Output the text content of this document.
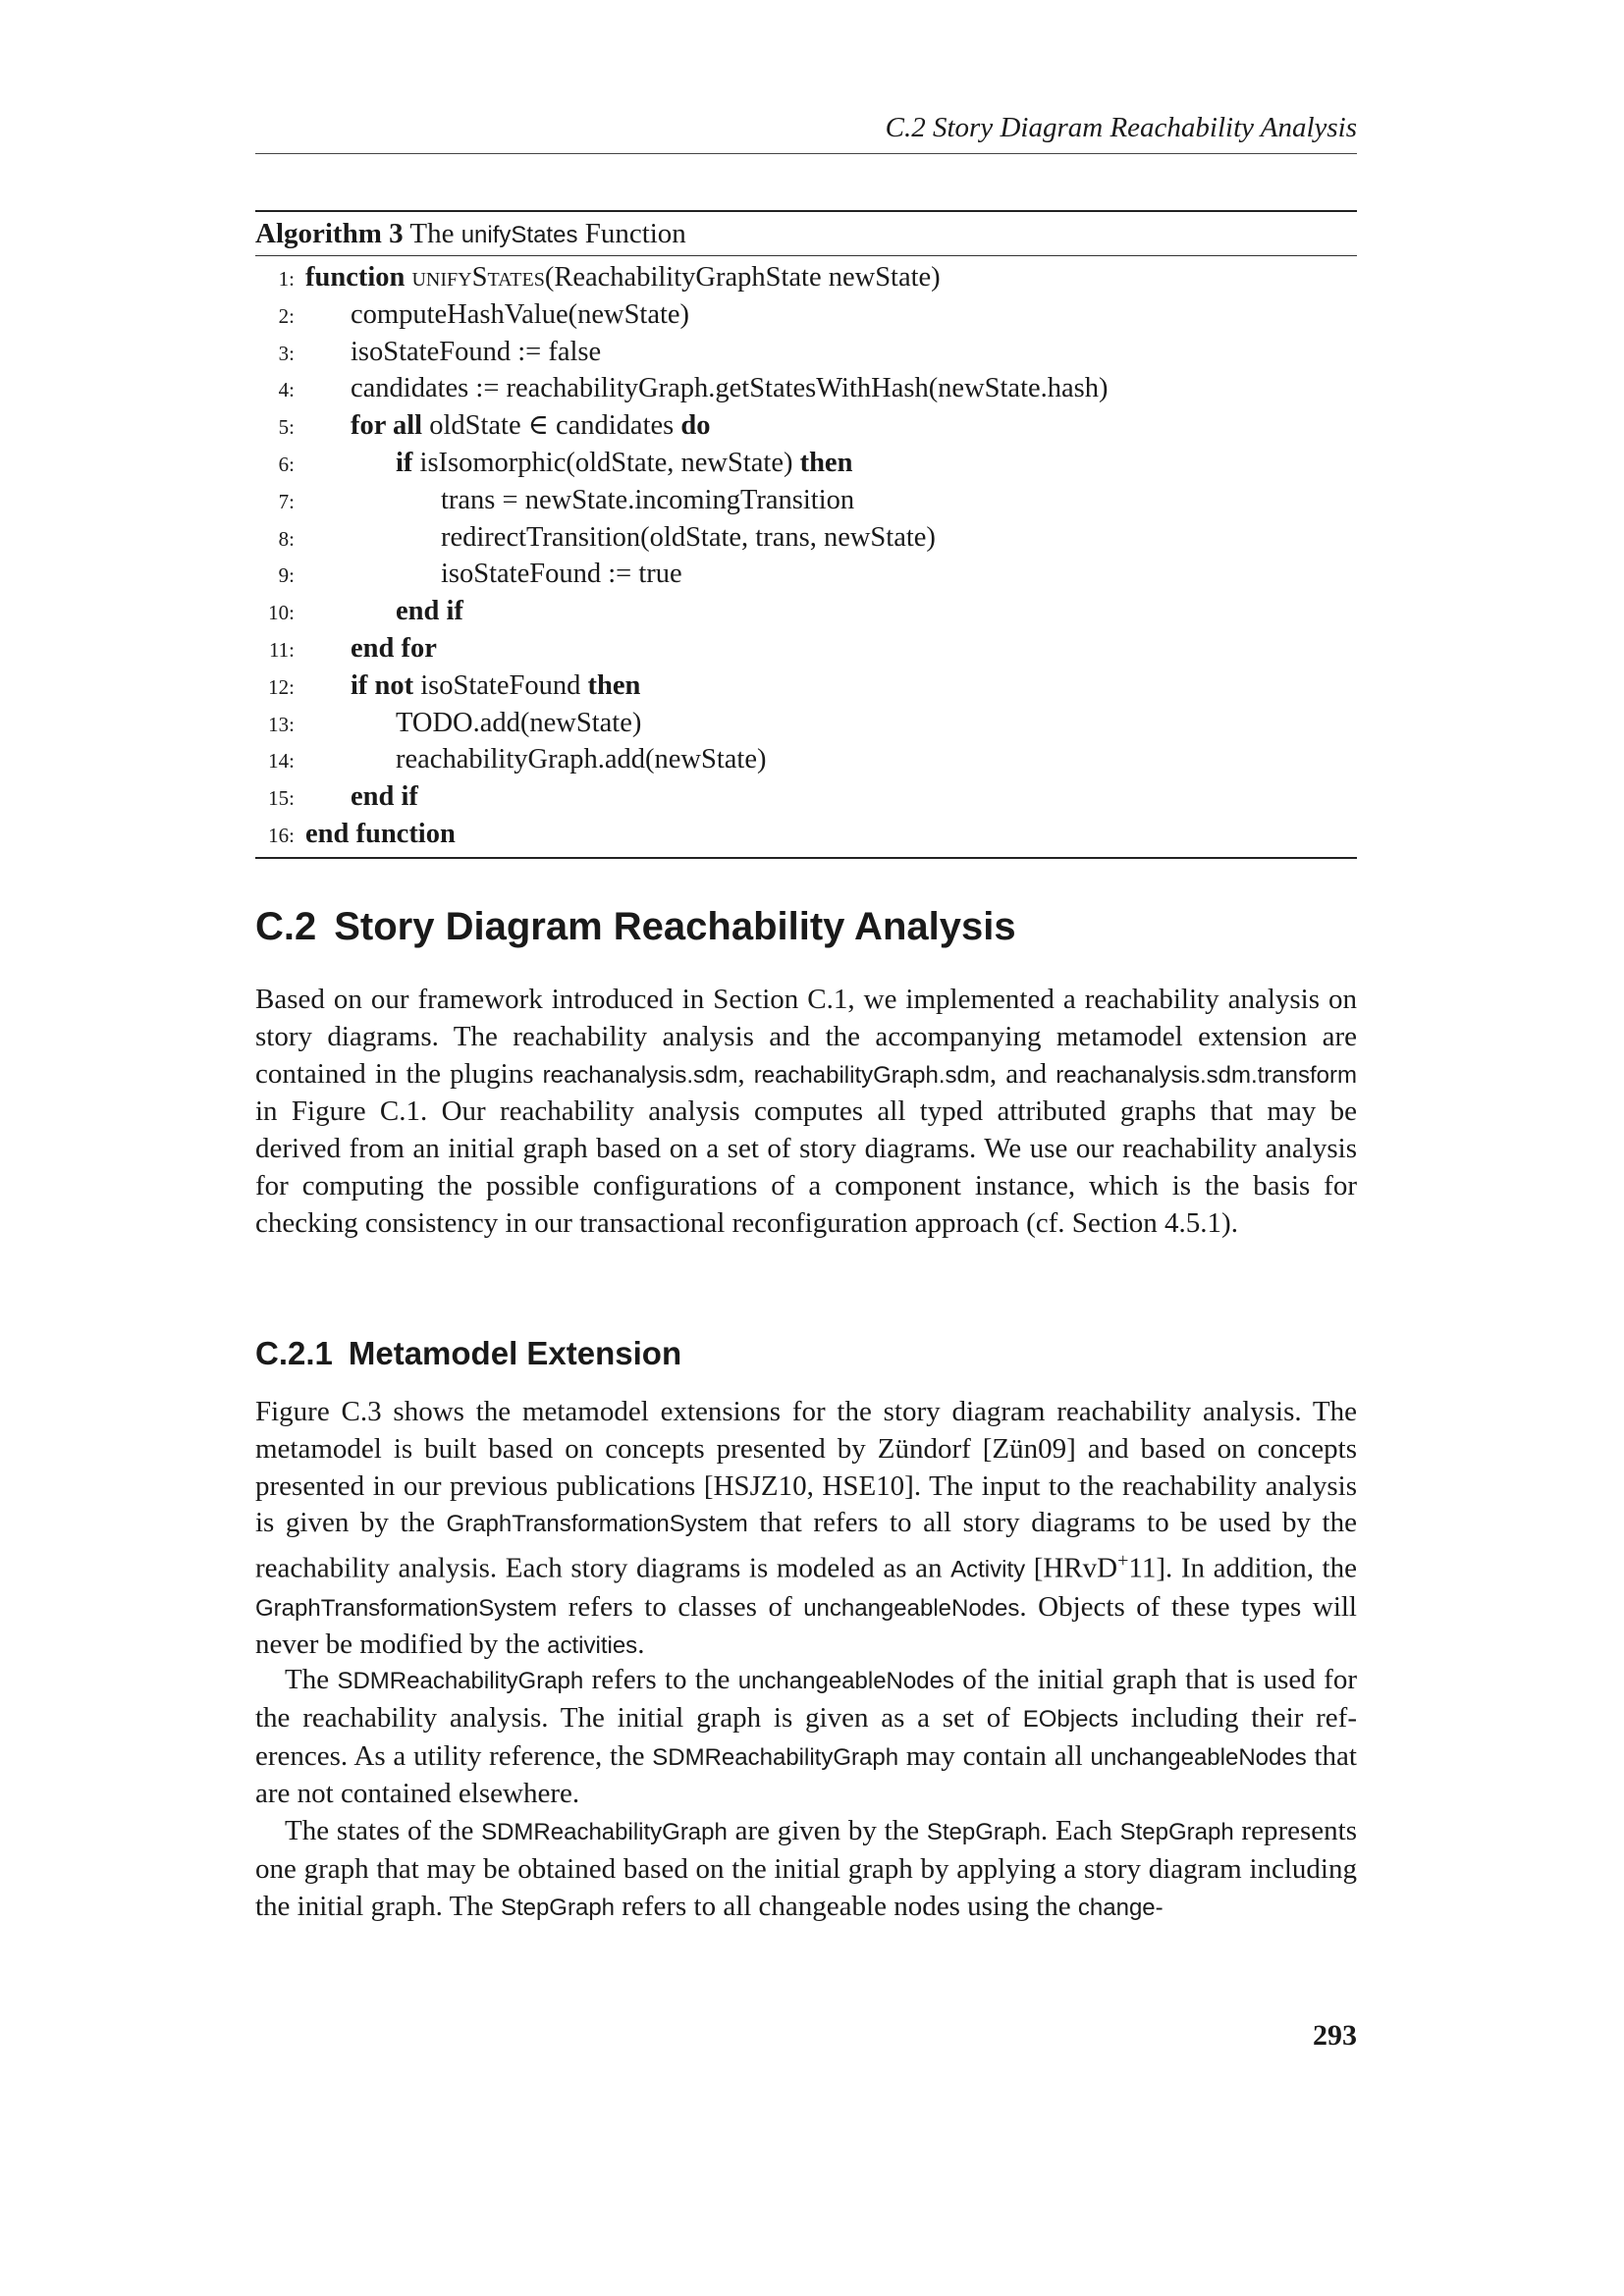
C.2 Story Diagram Reachability Analysis
Algorithm 3 The unifyStates Function
1: function unifyStates(ReachabilityGraphState newState)
2: computeHashValue(newState)
3: isoStateFound := false
4: candidates := reachabilityGraph.getStatesWithHash(newState.hash)
5: for all oldState ∈ candidates do
6:	if isIsomorphic(oldState, newState) then
7:	trans = newState.incomingTransition
8:	redirectTransition(oldState, trans, newState)
9:	isoStateFound := true
10:	end if
11: end for
12: if not isoStateFound then
13:	TODO.add(newState)
14:	reachabilityGraph.add(newState)
15: end if
16: end function
C.2 Story Diagram Reachability Analysis

Based on our framework introduced in Section C.1, we implemented a reachability analysis on story diagrams. The reachability analysis and the accompanying metamodel extension are contained in the plugins reachanalysis.sdm, reachabilityGraph.sdm, and reachanalysis.sdm.transform in Figure C.1. Our reachability analysis computes all typed attributed graphs that may be derived from an initial graph based on a set of story diagrams. We use our reachability analysis for computing the possible configurations of a component instance, which is the basis for checking consistency in our transactional reconfiguration approach (cf. Section 4.5.1).

C.2.1 Metamodel Extension

Figure C.3 shows the metamodel extensions for the story diagram reachability analysis. The metamodel is built based on concepts presented by Zündorf [Zün09] and based on concepts presented in our previous publications [HSJZ10, HSE10]. The input to the reachability analysis is given by the GraphTransformationSystem that refers to all story diagrams to be used by the reachability analysis. Each story diagrams is modeled as an Activity [HRvD+11]. In addition, the GraphTransformationSystem refers to classes of unchangeableNodes. Objects of these types will never be modified by the activities.

The SDMReachabilityGraph refers to the unchangeableNodes of the initial graph that is used for the reachability analysis. The initial graph is given as a set of EObjects including their references. As a utility reference, the SDMReachabilityGraph may contain all unchangeableNodes that are not contained elsewhere.

The states of the SDMReachabilityGraph are given by the StepGraph. Each StepGraph represents one graph that may be obtained based on the initial graph by applying a story diagram including the initial graph. The StepGraph refers to all changeable nodes using the change-

293
